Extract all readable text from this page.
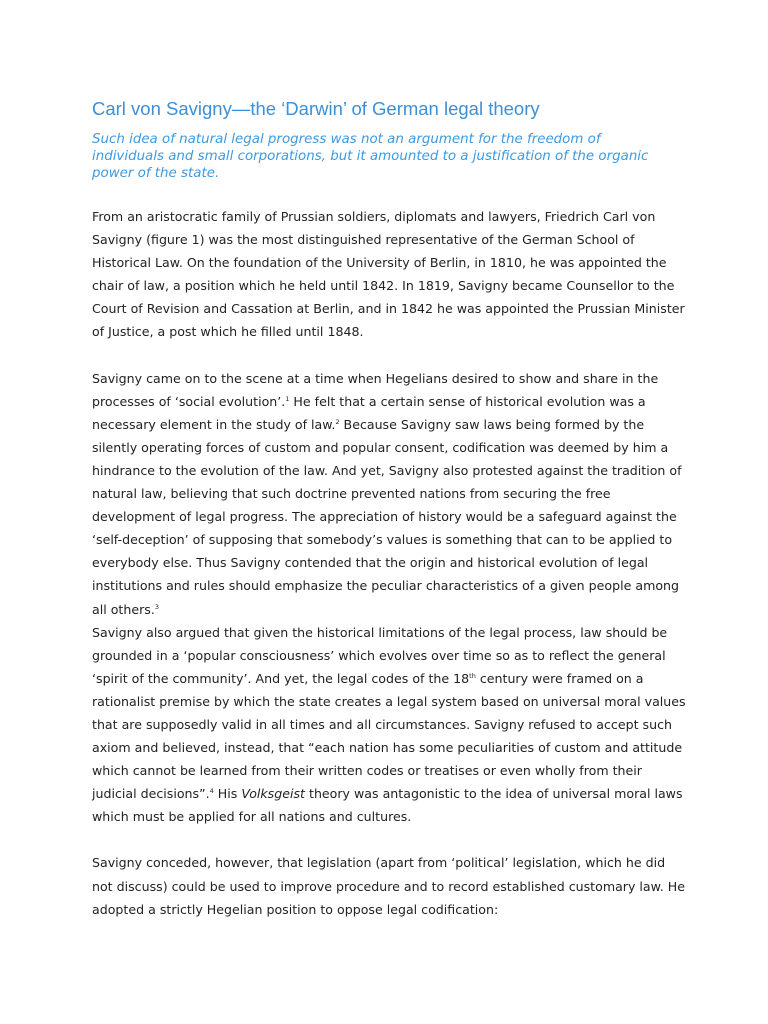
Carl von Savigny—the ‘Darwin’ of German legal theory

Such idea of natural legal progress was not an argument for the freedom of individuals and small corporations, but it amounted to a justification of the organic power of the state.

From an aristocratic family of Prussian soldiers, diplomats and lawyers, Friedrich Carl von Savigny (figure 1) was the most distinguished representative of the German School of Historical Law. On the foundation of the University of Berlin, in 1810, he was appointed the chair of law, a position which he held until 1842. In 1819, Savigny became Counsellor to the Court of Revision and Cassation at Berlin, and in 1842 he was appointed the Prussian Minister of Justice, a post which he filled until 1848.

Savigny came on to the scene at a time when Hegelians desired to show and share in the processes of ‘social evolution’.$^1$ He felt that a certain sense of historical evolution was a necessary element in the study of law.$^2$ Because Savigny saw laws being formed by the silently operating forces of custom and popular consent, codification was deemed by him a hindrance to the evolution of the law. And yet, Savigny also protested against the tradition of natural law, believing that such doctrine prevented nations from securing the free development of legal progress. The appreciation of history would be a safeguard against the ‘self-deception’ of supposing that somebody’s values is something that can to be applied to everybody else. Thus Savigny contended that the origin and historical evolution of legal institutions and rules should emphasize the peculiar characteristics of a given people among all others.$^3$

Savigny also argued that given the historical limitations of the legal process, law should be grounded in a ‘popular consciousness’ which evolves over time so as to reflect the general ‘spirit of the community’. And yet, the legal codes of the 18th century were framed on a rationalist premise by which the state creates a legal system based on universal moral values that are supposedly valid in all times and all circumstances. Savigny refused to accept such axiom and believed, instead, that “each nation has some peculiarities of custom and attitude which cannot be learned from their written codes or treatises or even wholly from their judicial decisions”.$^4$ His Volksgeist theory was antagonistic to the idea of universal moral laws which must be applied for all nations and cultures.

Savigny conceded, however, that legislation (apart from ‘political’ legislation, which he did not discuss) could be used to improve procedure and to record established customary law. He adopted a strictly Hegelian position to oppose legal codification:
